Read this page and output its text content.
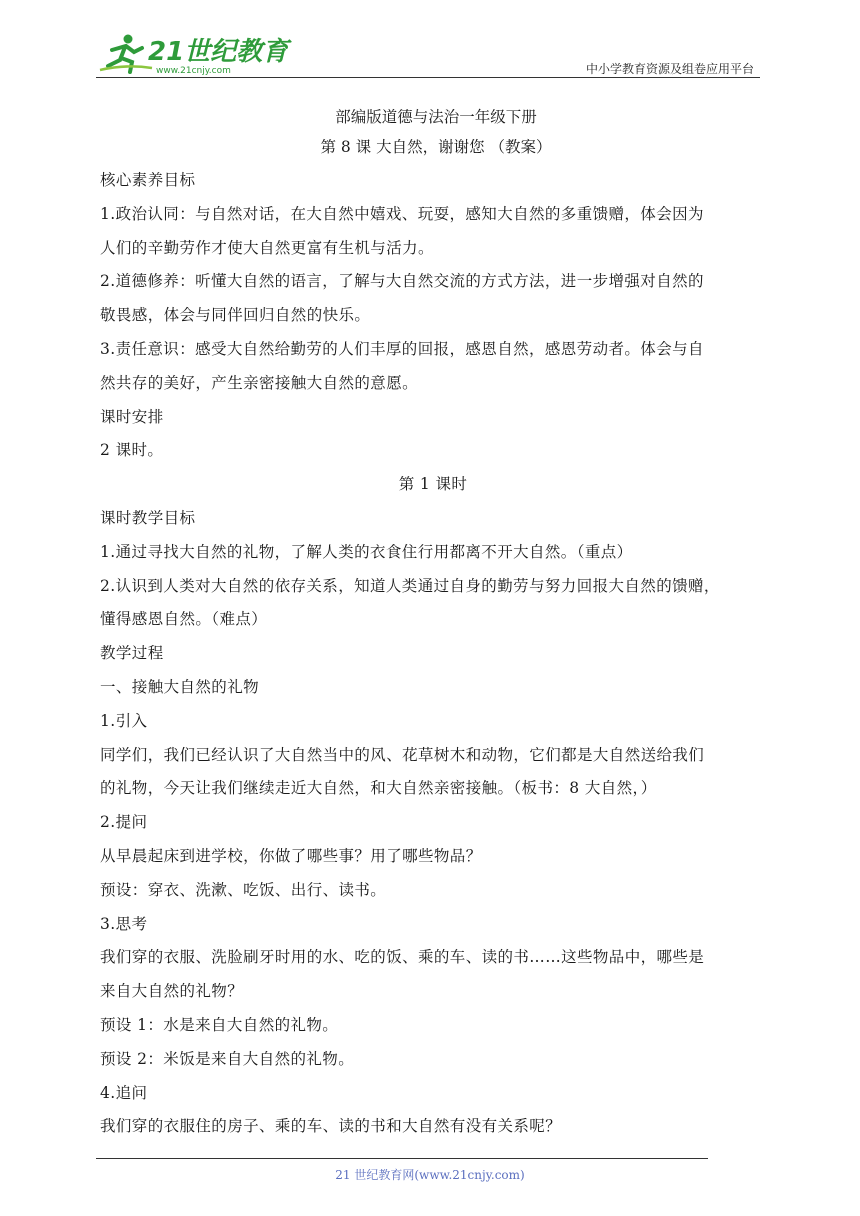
21世纪教育
www.21cnjy.com	中小学教育资源及组卷应用平台
部编版道德与法治一年级下册
第 8 课 大自然，谢谢您 （教案）
核心素养目标
1.政治认同：与自然对话，在大自然中嬉戏、玩耍，感知大自然的多重馈赠，体会因为
人们的辛勤劳作才使大自然更富有生机与活力。
2.道德修养：听懂大自然的语言，了解与大自然交流的方式方法，进一步增强对自然的
敬畏感，体会与同伴回归自然的快乐。
3.责任意识：感受大自然给勤劳的人们丰厚的回报，感恩自然，感恩劳动者。体会与自
然共存的美好，产生亲密接触大自然的意愿。
课时安排
2 课时。
第 1 课时
课时教学目标
1.通过寻找大自然的礼物，了解人类的衣食住行用都离不开大自然。（重点）
2.认识到人类对大自然的依存关系，知道人类通过自身的勤劳与努力回报大自然的馈赠，
懂得感恩自然。（难点）
教学过程
一、接触大自然的礼物
1.引入
同学们，我们已经认识了大自然当中的风、花草树木和动物，它们都是大自然送给我们
的礼物，今天让我们继续走近大自然，和大自然亲密接触。（板书：8 大自然，）
2.提问
从早晨起床到进学校，你做了哪些事？用了哪些物品？
预设：穿衣、洗漱、吃饭、出行、读书。
3.思考
我们穿的衣服、洗脸刷牙时用的水、吃的饭、乘的车、读的书……这些物品中，哪些是
来自大自然的礼物？
预设 1：水是来自大自然的礼物。
预设 2：米饭是来自大自然的礼物。
4.追问
我们穿的衣服住的房子、乘的车、读的书和大自然有没有关系呢？
21 世纪教育网(www.21cnjy.com)
